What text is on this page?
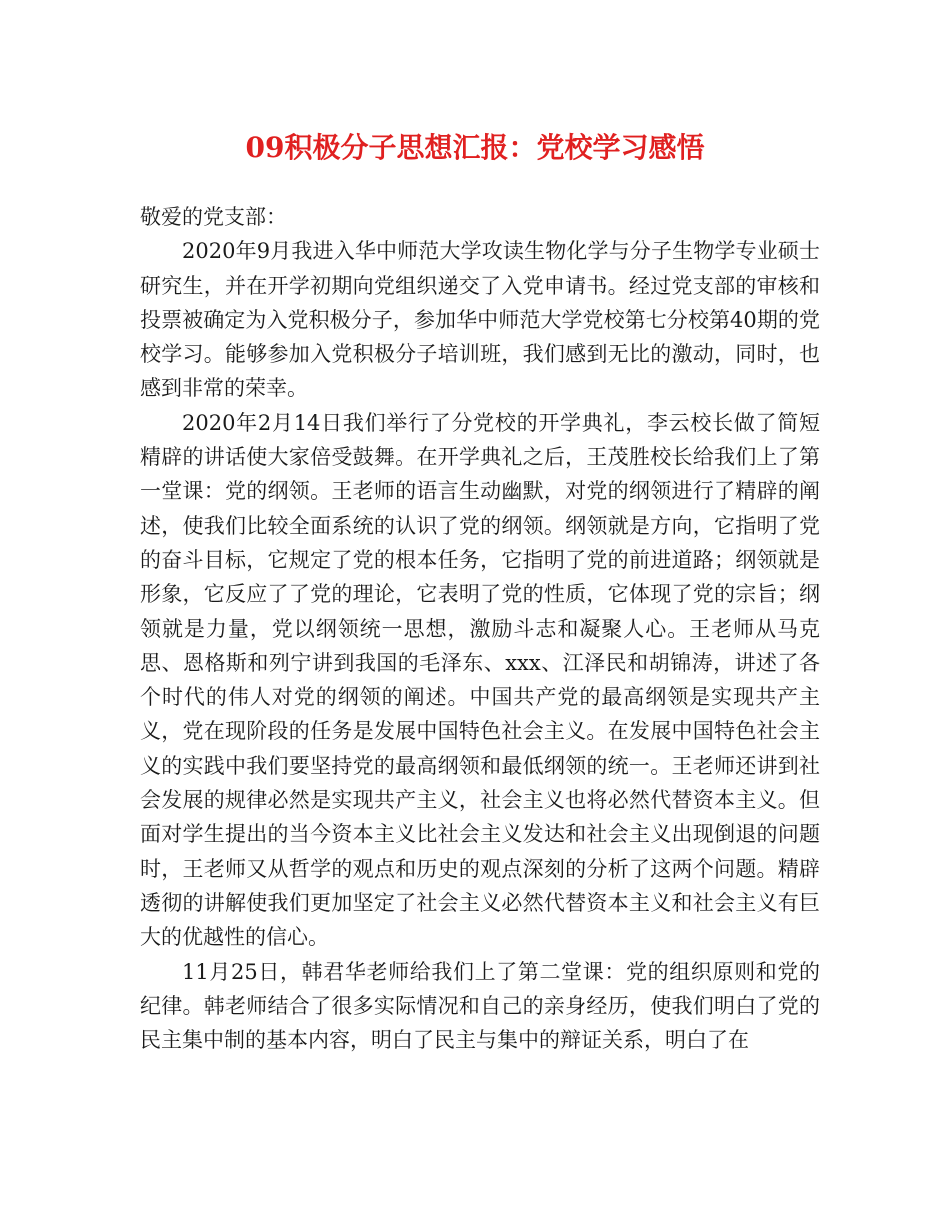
09积极分子思想汇报：党校学习感悟

敬爱的党支部：

2020年9月我进入华中师范大学攻读生物化学与分子生物学专业硕士研究生，并在开学初期向党组织递交了入党申请书。经过党支部的审核和投票被确定为入党积极分子，参加华中师范大学党校第七分校第40期的党校学习。能够参加入党积极分子培训班，我们感到无比的激动，同时，也感到非常的荣幸。

2020年2月14日我们举行了分党校的开学典礼，李云校长做了简短精辟的讲话使大家倍受鼓舞。在开学典礼之后，王茂胜校长给我们上了第一堂课：党的纲领。王老师的语言生动幽默，对党的纲领进行了精辟的阐述，使我们比较全面系统的认识了党的纲领。纲领就是方向，它指明了党的奋斗目标，它规定了党的根本任务，它指明了党的前进道路；纲领就是形象，它反应了了党的理论，它表明了党的性质，它体现了党的宗旨；纲领就是力量，党以纲领统一思想，激励斗志和凝聚人心。王老师从马克思、恩格斯和列宁讲到我国的毛泽东、xxx、江泽民和胡锦涛，讲述了各个时代的伟人对党的纲领的阐述。中国共产党的最高纲领是实现共产主义，党在现阶段的任务是发展中国特色社会主义。在发展中国特色社会主义的实践中我们要坚持党的最高纲领和最低纲领的统一。王老师还讲到社会发展的规律必然是实现共产主义，社会主义也将必然代替资本主义。但面对学生提出的当今资本主义比社会主义发达和社会主义出现倒退的问题时，王老师又从哲学的观点和历史的观点深刻的分析了这两个问题。精辟透彻的讲解使我们更加坚定了社会主义必然代替资本主义和社会主义有巨大的优越性的信心。

11月25日，韩君华老师给我们上了第二堂课：党的组织原则和党的纪律。韩老师结合了很多实际情况和自己的亲身经历，使我们明白了党的民主集中制的基本内容，明白了民主与集中的辩证关系，明白了在
